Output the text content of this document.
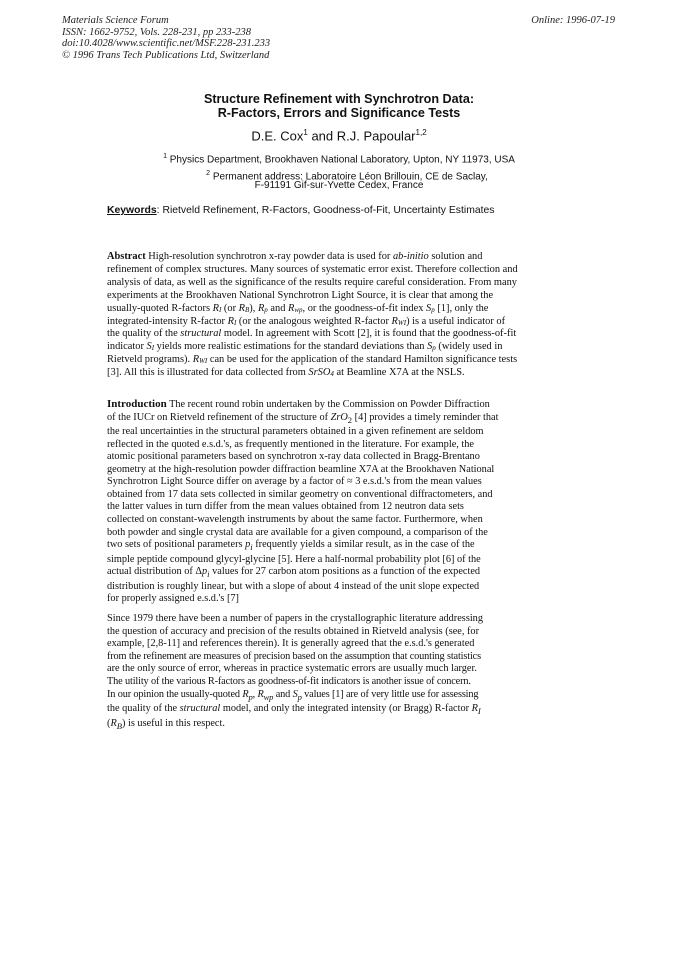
Materials Science Forum
ISSN: 1662-9752, Vols. 228-231, pp 233-238
doi:10.4028/www.scientific.net/MSF.228-231.233
© 1996 Trans Tech Publications Ltd, Switzerland
Online: 1996-07-19
Structure Refinement with Synchrotron Data:
R-Factors, Errors and Significance Tests
D.E. Cox$^1$ and R.J. Papoular$^{1,2}$
$^1$ Physics Department, Brookhaven National Laboratory, Upton, NY 11973, USA
$^2$ Permanent address: Laboratoire Léon Brillouin, CE de Saclay,
F-91191 Gif-sur-Yvette Cedex, France
Keywords: Rietveld Refinement, R-Factors, Goodness-of-Fit, Uncertainty Estimates
Abstract High-resolution synchrotron x-ray powder data is used for ab-initio solution and
refinement of complex structures. Many sources of systematic error exist. Therefore collection and
analysis of data, as well as the significance of the results require careful consideration. From many
experiments at the Brookhaven National Synchrotron Light Source, it is clear that among the
usually-quoted R-factors $R_I$ (or $R_B$), $R_p$ and $R_{wp}$, or the goodness-of-fit index $S_p$ [1], only the
integrated-intensity R-factor $R_I$ (or the analogous weighted R-factor $R_{WI}$) is a useful indicator of
the quality of the structural model. In agreement with Scott [2], it is found that the goodness-of-fit
indicator $S_I$ yields more realistic estimations for the standard deviations than $S_p$ (widely used in
Rietveld programs). $R_{WI}$ can be used for the application of the standard Hamilton significance tests
[3]. All this is illustrated for data collected from SrSO$_4$ at Beamline X7A at the NSLS.
Introduction The recent round robin undertaken by the Commission on Powder Diffraction
of the IUCr on Rietveld refinement of the structure of ZrO$_2$ [4] provides a timely reminder that
the real uncertainties in the structural parameters obtained in a given refinement are seldom
reflected in the quoted e.s.d.'s, as frequently mentioned in the literature. For example, the
atomic positional parameters based on synchrotron x-ray data collected in Bragg-Brentano
geometry at the high-resolution powder diffraction beamline X7A at the Brookhaven National
Synchrotron Light Source differ on average by a factor of ≈ 3 e.s.d.'s from the mean values
obtained from 17 data sets collected in similar geometry on conventional diffractometers, and
the latter values in turn differ from the mean values obtained from 12 neutron data sets
collected on constant-wavelength instruments by about the same factor. Furthermore, when
both powder and single crystal data are available for a given compound, a comparison of the
two sets of positional parameters $p_i$ frequently yields a similar result, as in the case of the
simple peptide compound glycyl-glycine [5]. Here a half-normal probability plot [6] of the
actual distribution of $\Delta p_i$ values for 27 carbon atom positions as a function of the expected
distribution is roughly linear, but with a slope of about 4 instead of the unit slope expected
for properly assigned e.s.d.'s [7]
Since 1979 there have been a number of papers in the crystallographic literature addressing
the question of accuracy and precision of the results obtained in Rietveld analysis (see, for
example, [2,8-11] and references therein). It is generally agreed that the e.s.d.'s generated
from the refinement are measures of precision based on the assumption that counting statistics
are the only source of error, whereas in practice systematic errors are usually much larger.
The utility of the various R-factors as goodness-of-fit indicators is another issue of concern.
In our opinion the usually-quoted $R_p$, $R_{wp}$ and $S_p$ values [1] are of very little use for assessing
the quality of the structural model, and only the integrated intensity (or Bragg) R-factor $R_I$
$(R_B)$ is useful in this respect.
